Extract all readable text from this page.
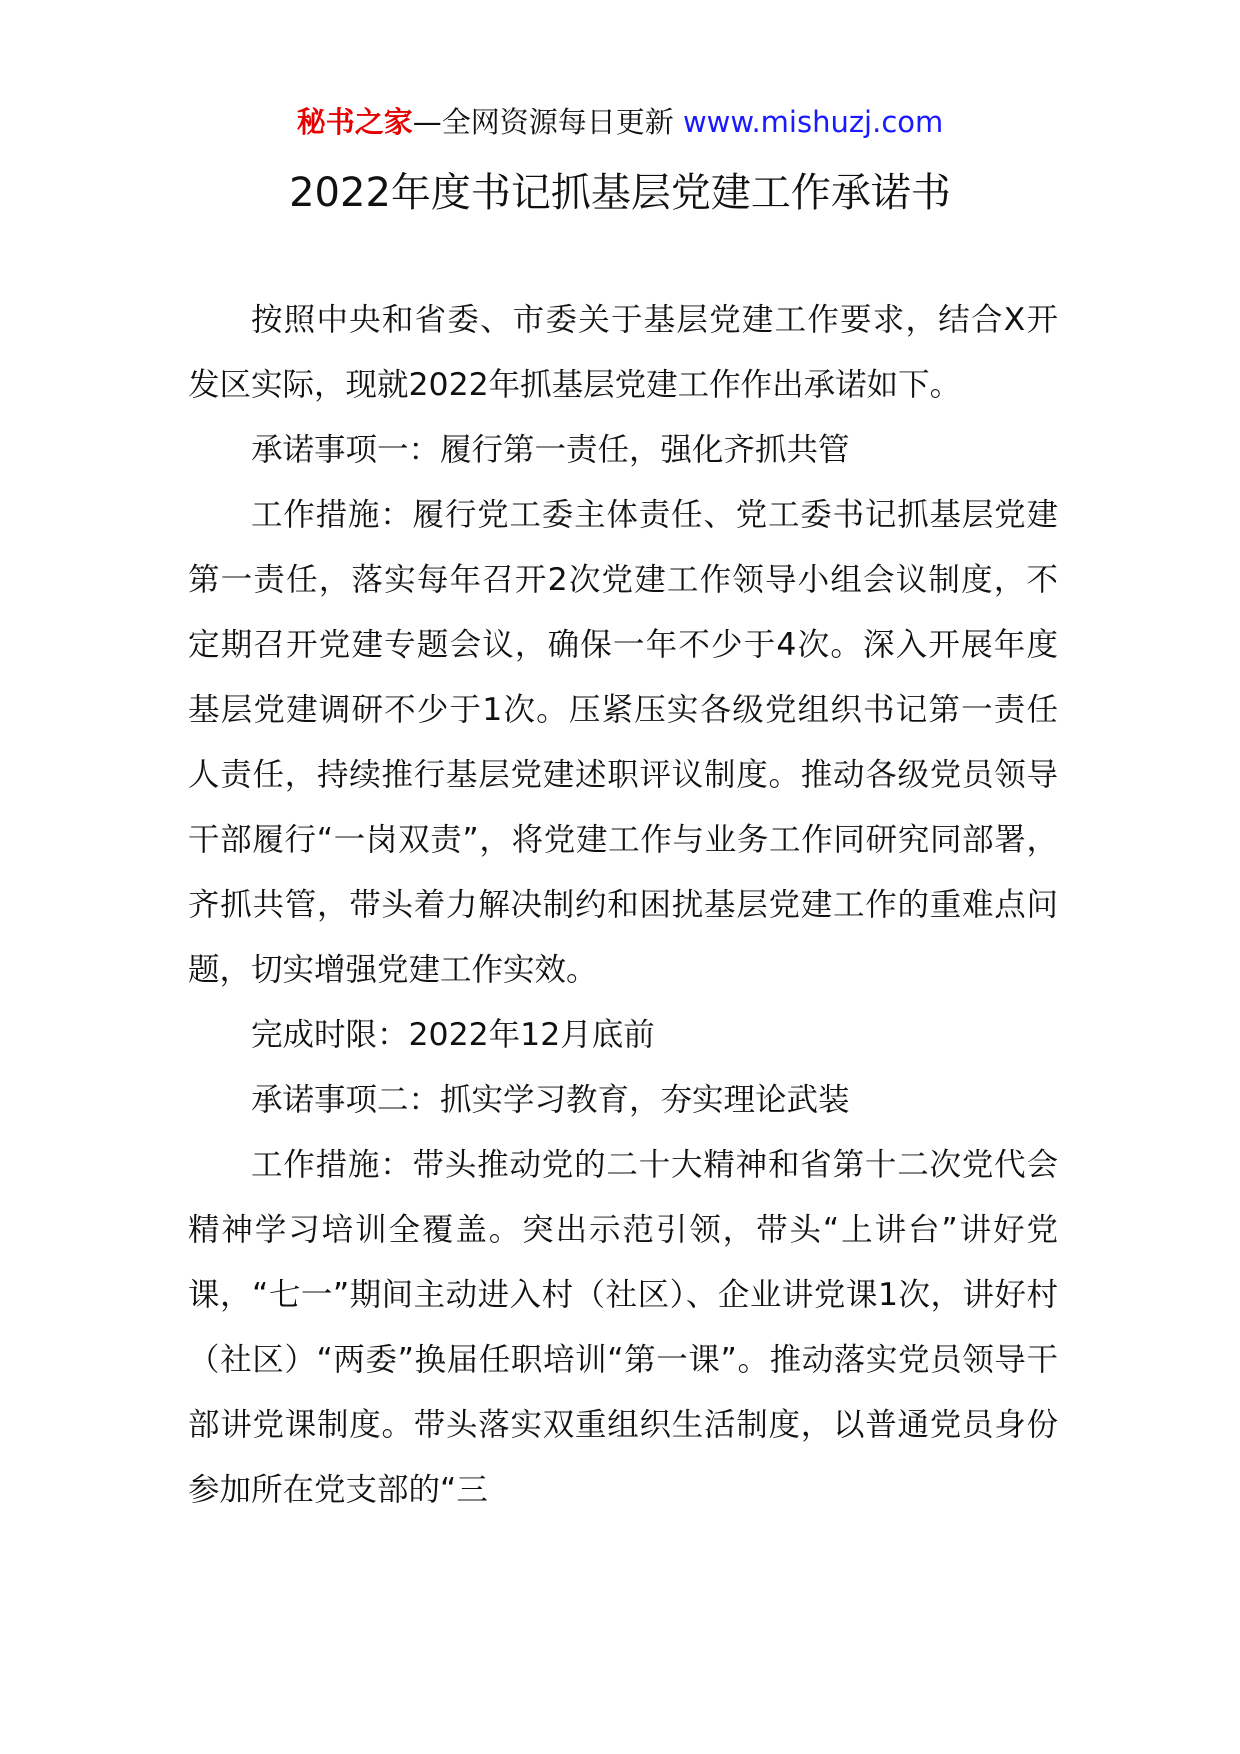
秘书之家—全网资源每日更新 www.mishuzj.com
2022年度书记抓基层党建工作承诺书

按照中央和省委、市委关于基层党建工作要求，结合X开发区实际，现就2022年抓基层党建工作作出承诺如下。

承诺事项一：履行第一责任，强化齐抓共管

工作措施：履行党工委主体责任、党工委书记抓基层党建第一责任，落实每年召开2次党建工作领导小组会议制度，不定期召开党建专题会议，确保一年不少于4次。深入开展年度基层党建调研不少于1次。压紧压实各级党组织书记第一责任人责任，持续推行基层党建述职评议制度。推动各级党员领导干部履行“一岗双责”，将党建工作与业务工作同研究同部署，齐抓共管，带头着力解决制约和困扰基层党建工作的重难点问题，切实增强党建工作实效。

完成时限：2022年12月底前

承诺事项二：抓实学习教育，夯实理论武装

工作措施：带头推动党的二十大精神和省第十二次党代会精神学习培训全覆盖。突出示范引领，带头“上讲台”讲好党课，“七一”期间主动进入村（社区）、企业讲党课1次，讲好村（社区）“两委”换届任职培训“第一课”。推动落实党员领导干部讲党课制度。带头落实双重组织生活制度，以普通党员身份参加所在党支部的“三
